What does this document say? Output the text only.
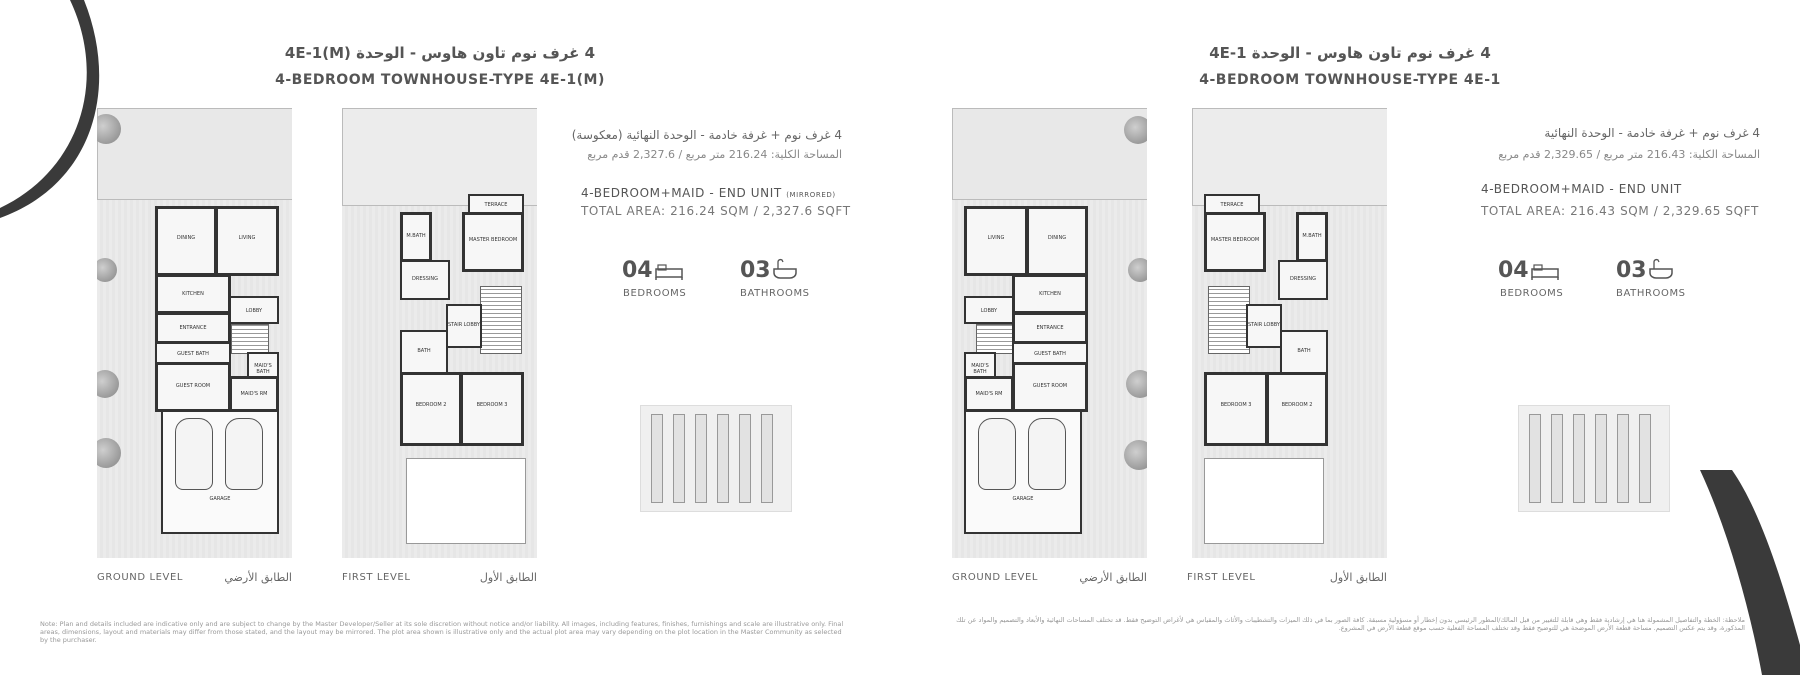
4 غرف نوم تاون هاوس - الوحدة 4E-1(M)
4-BEDROOM TOWNHOUSE-TYPE 4E-1(M)
DINING	LIVING
KITCHEN
LOBBY
ENTRANCE
GUEST BATH
MAID'S BATH
GUEST ROOM
MAID'S RM
GARAGE
GROUND LEVEL	الطابق الأرضي
TERRACE
M.BATH
MASTER BEDROOM
DRESSING
STAIR LOBBY
BATH
BEDROOM 2	BEDROOM 3
FIRST LEVEL	الطابق الأول
4 غرف نوم + غرفة خادمة - الوحدة النهائية (معكوسة)
المساحة الكلية: 216.24 متر مربع / 2,327.6 قدم مربع
4-BEDROOM+MAID - END UNIT (MIRRORED)
TOTAL AREA: 216.24 SQM / 2,327.6 SQFT
04
BEDROOMS
03
BATHROOMS
Note: Plan and details included are indicative only and are subject to change by the Master Developer/Seller at its sole discretion without notice and/or liability. All images, including features, finishes, furnishings and scale are illustrative only. Final areas, dimensions, layout and materials may differ from those stated, and the layout may be mirrored. The plot area shown is illustrative only and the actual plot area may vary depending on the plot location in the Master Community as selected by the purchaser.
4 غرف نوم تاون هاوس - الوحدة 4E-1
4-BEDROOM TOWNHOUSE-TYPE 4E-1
LIVING	DINING
LOBBY
KITCHEN
ENTRANCE
GUEST BATH
MAID'S BATH
MAID'S RM
GUEST ROOM
GARAGE
GROUND LEVEL	الطابق الأرضي
TERRACE
MASTER BEDROOM
M.BATH
DRESSING
STAIR LOBBY
BATH
BEDROOM 3	BEDROOM 2
FIRST LEVEL	الطابق الأول
4 غرف نوم + غرفة خادمة - الوحدة النهائية
المساحة الكلية: 216.43 متر مربع / 2,329.65 قدم مربع
4-BEDROOM+MAID - END UNIT
TOTAL AREA: 216.43 SQM / 2,329.65 SQFT
04
BEDROOMS
03
BATHROOMS
ملاحظة: الخطة والتفاصيل المشمولة هنا هي إرشادية فقط وهي قابلة للتغيير من قبل المالك/المطور الرئيسي بدون إخطار أو مسؤولية مسبقة. كافة الصور بما في ذلك الميزات والتشطيبات والأثاث والمقياس هي لأغراض التوضيح فقط. قد تختلف المساحات النهائية والأبعاد والتصميم والمواد عن تلك المذكورة، وقد يتم عكس التصميم. مساحة قطعة الأرض الموضحة هي للتوضيح فقط وقد تختلف المساحة الفعلية حسب موقع قطعة الأرض في المشروع.
